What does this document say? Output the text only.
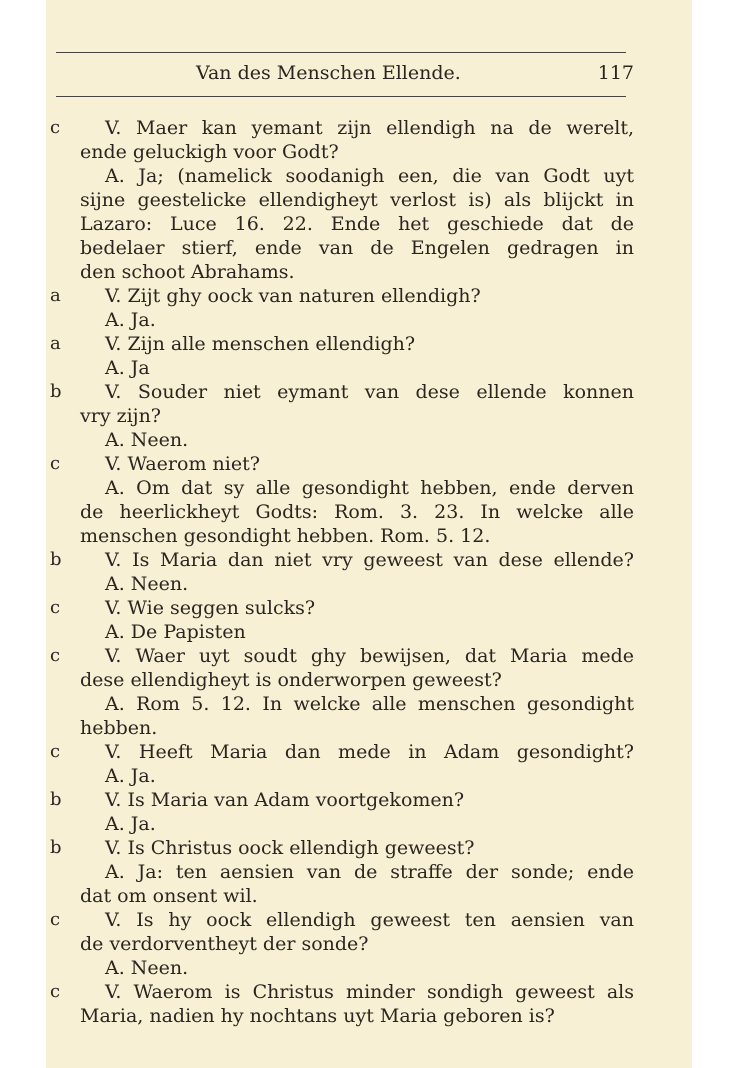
Van des Menschen Ellende.	117
c	V. Maer kan yemant zijn ellendigh na de werelt,
ende geluckigh voor Godt?
A. Ja; (namelick soodanigh een, die van Godt uyt
sijne geestelicke ellendigheyt verlost is) als blijckt in
Lazaro: Luce 16. 22. Ende het geschiede dat de
bedelaer stierf, ende van de Engelen gedragen in
den schoot Abrahams.
a	V. Zijt ghy oock van naturen ellendigh?
A. Ja.
a	V. Zijn alle menschen ellendigh?
A. Ja
b	V. Souder niet eymant van dese ellende konnen
vry zijn?
A. Neen.
c	V. Waerom niet?
A. Om dat sy alle gesondight hebben, ende derven
de heerlickheyt Godts: Rom. 3. 23. In welcke alle
menschen gesondight hebben. Rom. 5. 12.
b	V. Is Maria dan niet vry geweest van dese ellende?
A. Neen.
c	V. Wie seggen sulcks?
A. De Papisten
c	V. Waer uyt soudt ghy bewijsen, dat Maria mede
dese ellendigheyt is onderworpen geweest?
A. Rom 5. 12. In welcke alle menschen gesondight
hebben.
c	V. Heeft Maria dan mede in Adam gesondight?
A. Ja.
b	V. Is Maria van Adam voortgekomen?
A. Ja.
b	V. Is Christus oock ellendigh geweest?
A. Ja: ten aensien van de straffe der sonde; ende
dat om onsent wil.
c	V. Is hy oock ellendigh geweest ten aensien van
de verdorventheyt der sonde?
A. Neen.
c	V. Waerom is Christus minder sondigh geweest als
Maria, nadien hy nochtans uyt Maria geboren is?
